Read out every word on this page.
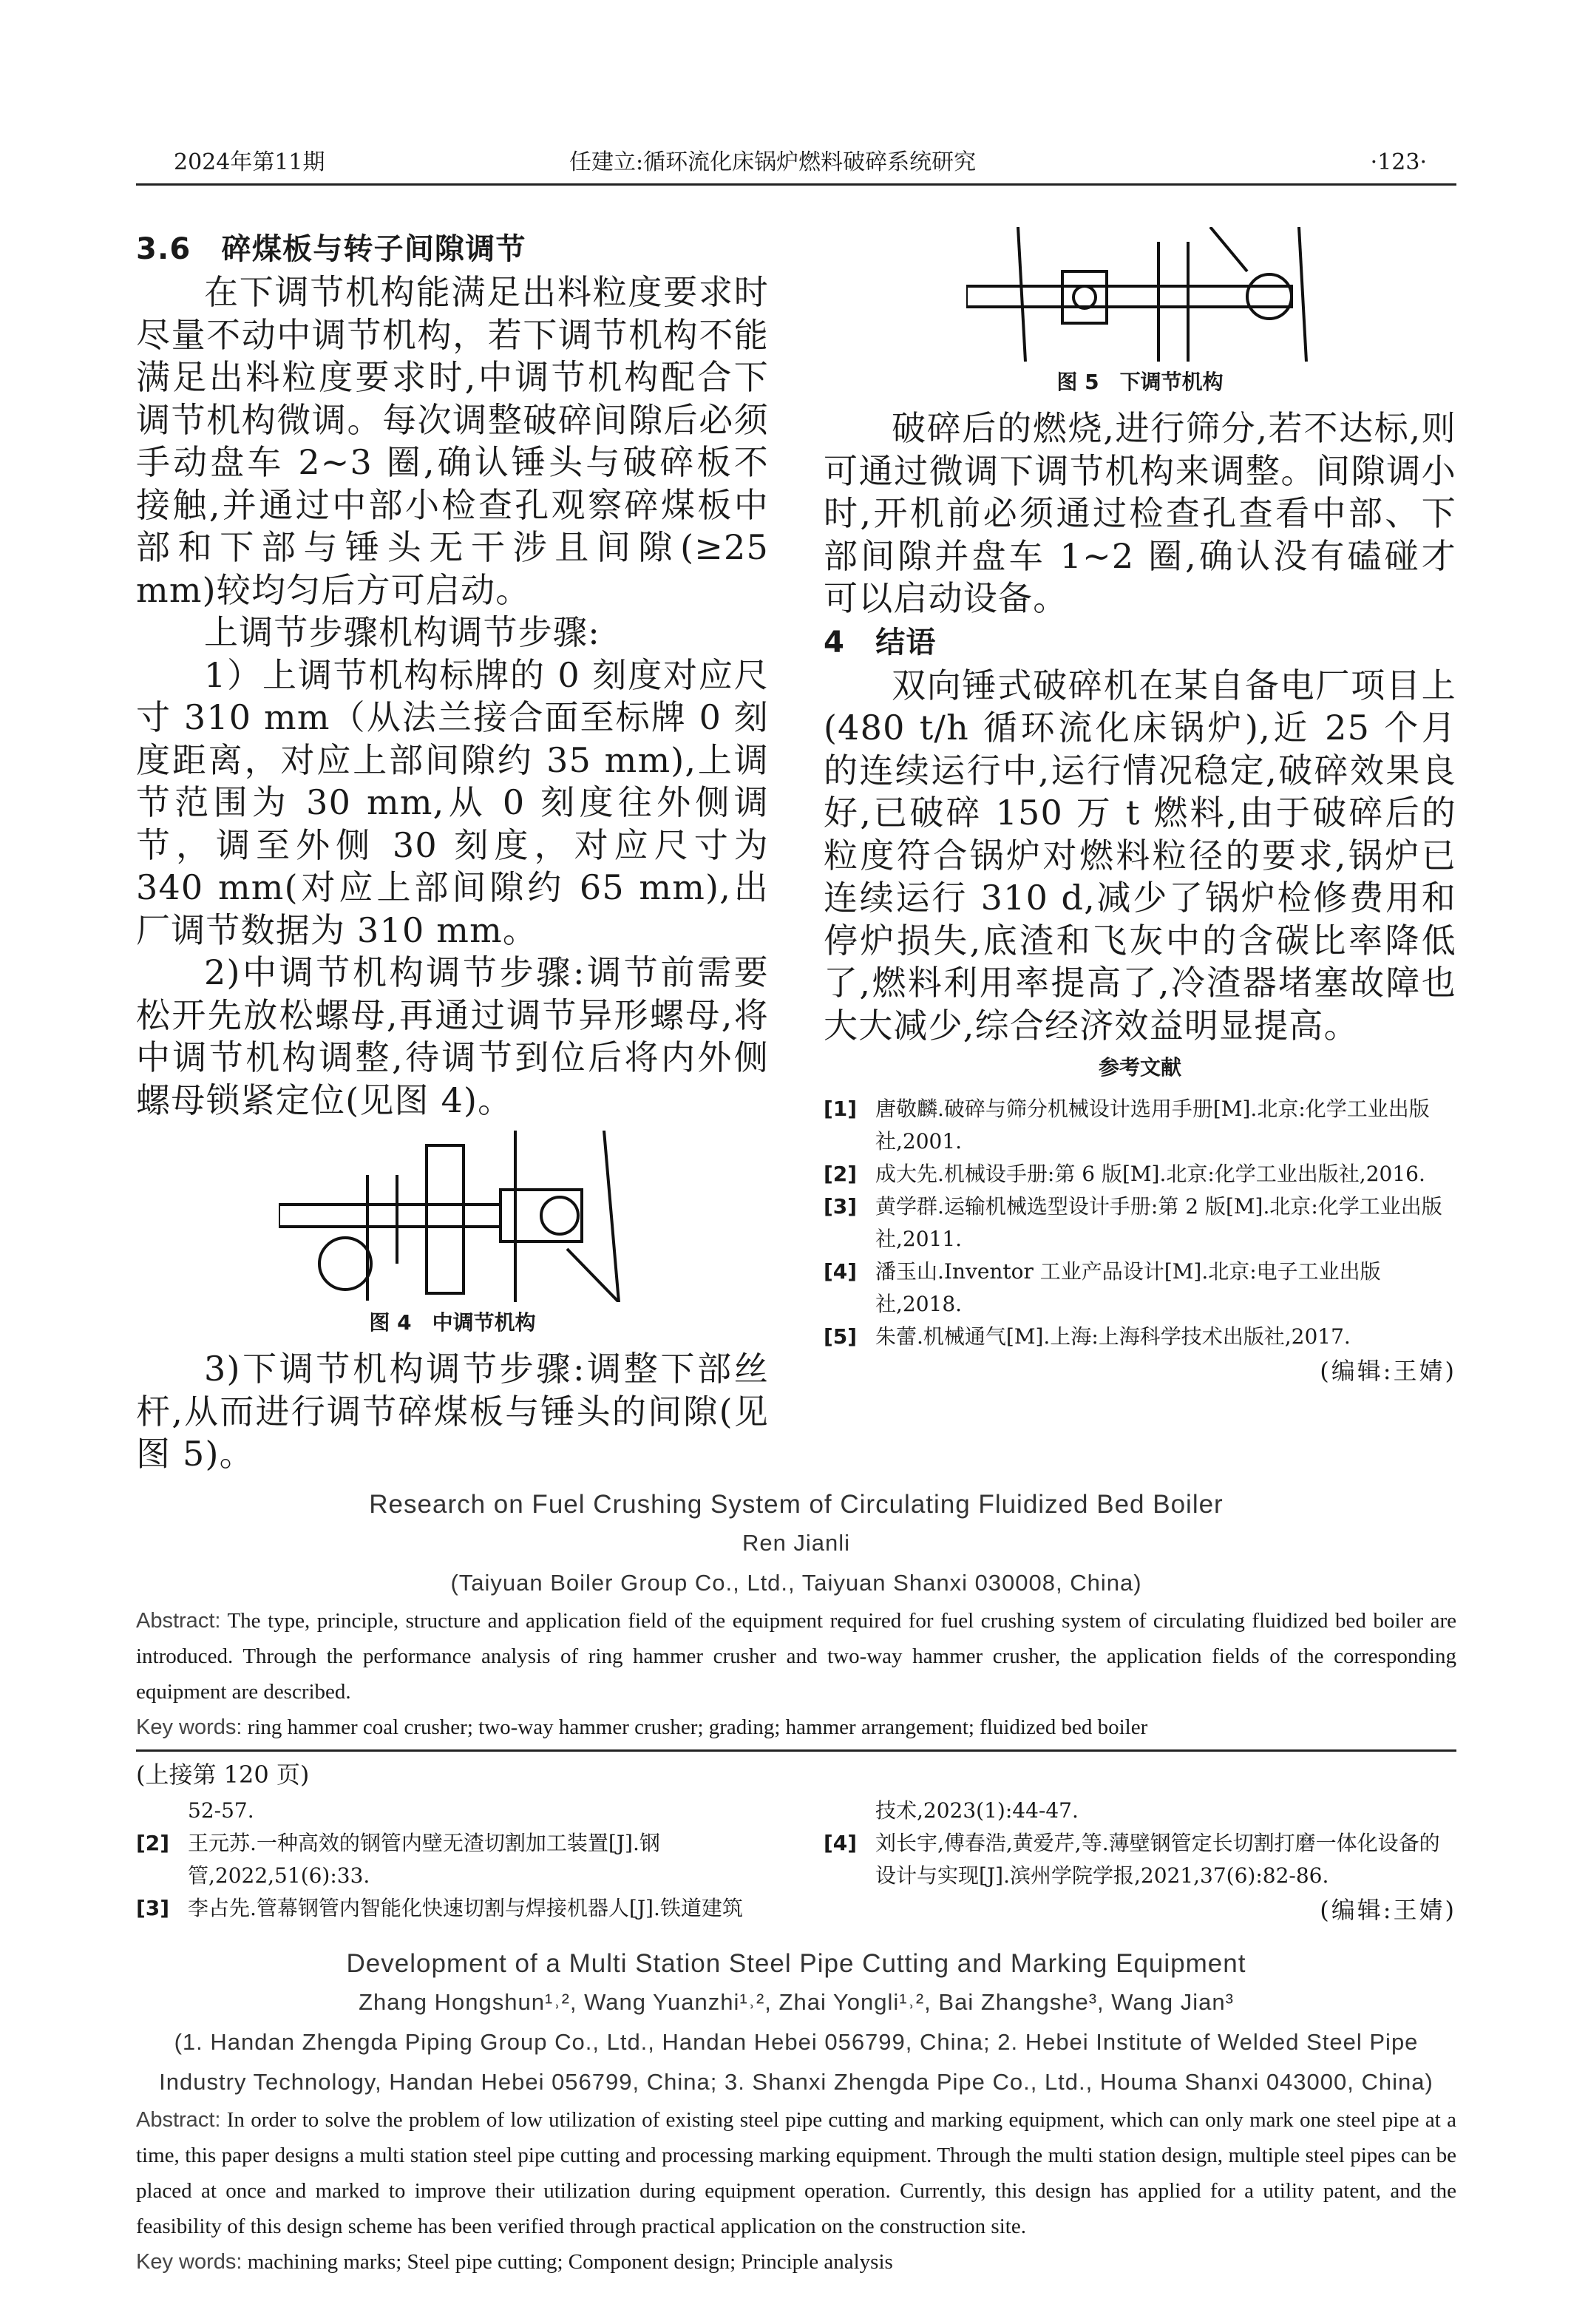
2024年第11期	任建立:循环流化床锅炉燃料破碎系统研究	·123·
3.6　碎煤板与转子间隙调节

在下调节机构能满足出料粒度要求时尽量不动中调节机构，若下调节机构不能满足出料粒度要求时,中调节机构配合下调节机构微调。每次调整破碎间隙后必须手动盘车 2~3 圈,确认锤头与破碎板不接触,并通过中部小检查孔观察碎煤板中部和下部与锤头无干涉且间隙(≥25 mm)较均匀后方可启动。

上调节步骤机构调节步骤:

1）上调节机构标牌的 0 刻度对应尺寸 310 mm（从法兰接合面至标牌 0 刻度距离，对应上部间隙约 35 mm),上调节范围为 30 mm,从 0 刻度往外侧调节，调至外侧 30 刻度，对应尺寸为 340 mm(对应上部间隙约 65 mm),出厂调节数据为 310 mm。

2)中调节机构调节步骤:调节前需要松开先放松螺母,再通过调节异形螺母,将中调节机构调整,待调节到位后将内外侧螺母锁紧定位(见图 4)。

图 4　中调节机构

3)下调节机构调节步骤:调整下部丝杆,从而进行调节碎煤板与锤头的间隙(见图 5)。

图 5　下调节机构

破碎后的燃烧,进行筛分,若不达标,则可通过微调下调节机构来调整。间隙调小时,开机前必须通过检查孔查看中部、下部间隙并盘车 1~2 圈,确认没有磕碰才可以启动设备。

4　结语

双向锤式破碎机在某自备电厂项目上(480 t/h 循环流化床锅炉),近 25 个月的连续运行中,运行情况稳定,破碎效果良好,已破碎 150 万 t 燃料,由于破碎后的粒度符合锅炉对燃料粒径的要求,锅炉已连续运行 310 d,减少了锅炉检修费用和停炉损失,底渣和飞灰中的含碳比率降低了,燃料利用率提高了,冷渣器堵塞故障也大大减少,综合经济效益明显提高。

参考文献
[1] 唐敬麟.破碎与筛分机械设计选用手册[M].北京:化学工业出版社,2001.
[2] 成大先.机械设手册:第 6 版[M].北京:化学工业出版社,2016.
[3] 黄学群.运输机械选型设计手册:第 2 版[M].北京:化学工业出版社,2011.
[4] 潘玉山.Inventor 工业产品设计[M].北京:电子工业出版社,2018.
[5] 朱蕾.机械通气[M].上海:上海科学技术出版社,2017.
(编辑:王婧)
Research on Fuel Crushing System of Circulating Fluidized Bed Boiler
Ren Jianli
(Taiyuan Boiler Group Co., Ltd., Taiyuan Shanxi 030008, China)
Abstract: The type, principle, structure and application field of the equipment required for fuel crushing system of circulating fluidized bed boiler are introduced. Through the performance analysis of ring hammer crusher and two-way hammer crusher, the application fields of the corresponding equipment are described.
Key words: ring hammer coal crusher; two-way hammer crusher; grading; hammer arrangement; fluidized bed boiler
(上接第 120 页)
52-57.
[2] 王元苏.一种高效的钢管内壁无渣切割加工装置[J].钢管,2022,51(6):33.
[3] 李占先.管幕钢管内智能化快速切割与焊接机器人[J].铁道建筑
技术,2023(1):44-47.
[4] 刘长宇,傅春浩,黄爱芹,等.薄壁钢管定长切割打磨一体化设备的设计与实现[J].滨州学院学报,2021,37(6):82-86.
(编辑:王婧)
Development of a Multi Station Steel Pipe Cutting and Marking Equipment
Zhang Hongshun¹˒², Wang Yuanzhi¹˒², Zhai Yongli¹˒², Bai Zhangshe³, Wang Jian³
(1. Handan Zhengda Piping Group Co., Ltd., Handan Hebei 056799, China; 2. Hebei Institute of Welded Steel Pipe Industry Technology, Handan Hebei 056799, China; 3. Shanxi Zhengda Pipe Co., Ltd., Houma Shanxi 043000, China)
Abstract: In order to solve the problem of low utilization of existing steel pipe cutting and marking equipment, which can only mark one steel pipe at a time, this paper designs a multi station steel pipe cutting and processing marking equipment. Through the multi station design, multiple steel pipes can be placed at once and marked to improve their utilization during equipment operation. Currently, this design has applied for a utility patent, and the feasibility of this design scheme has been verified through practical application on the construction site.
Key words: machining marks; Steel pipe cutting; Component design; Principle analysis
